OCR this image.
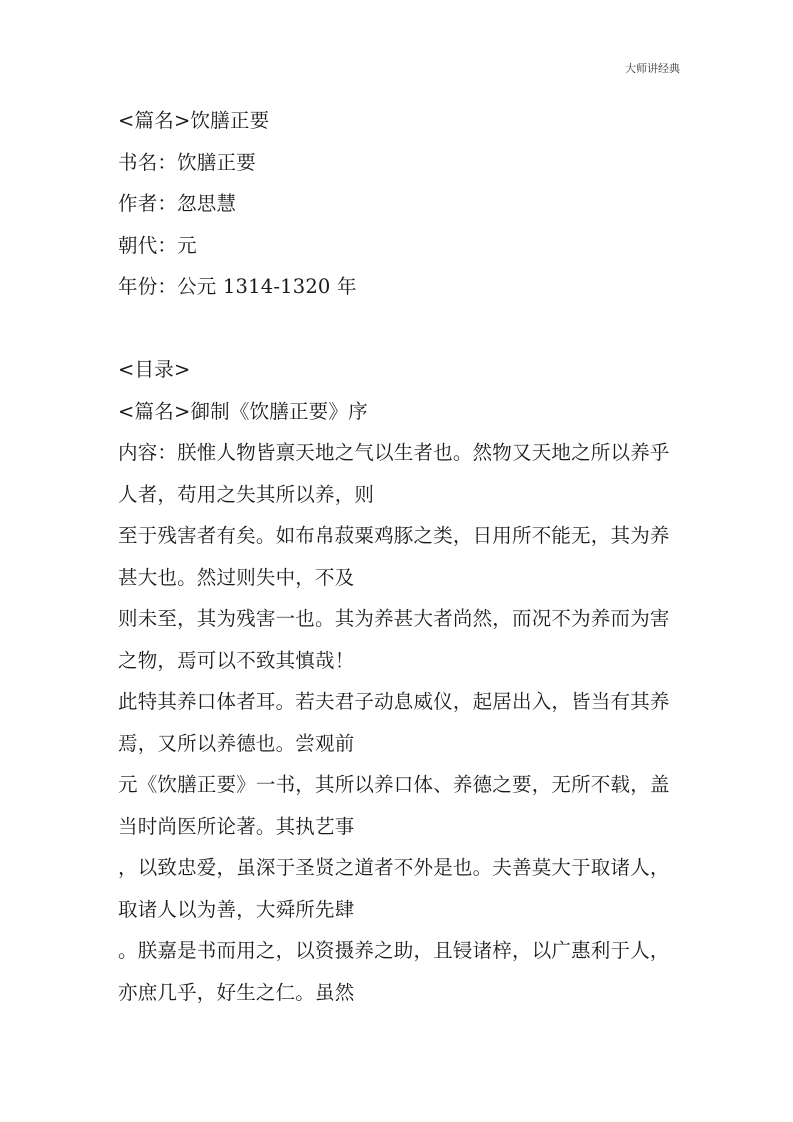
大师讲经典
<篇名>饮膳正要
书名：饮膳正要
作者：忽思慧
朝代：元
年份：公元 1314-1320 年
<目录>
<篇名>御制《饮膳正要》序
内容：朕惟人物皆禀天地之气以生者也。然物又天地之所以养乎
人者，苟用之失其所以养，则
至于残害者有矣。如布帛菽粟鸡豚之类，日用所不能无，其为养
甚大也。然过则失中，不及
则未至，其为残害一也。其为养甚大者尚然，而况不为养而为害
之物，焉可以不致其慎哉！
此特其养口体者耳。若夫君子动息威仪，起居出入，皆当有其养
焉，又所以养德也。尝观前
元《饮膳正要》一书，其所以养口体、养德之要，无所不载，盖
当时尚医所论著。其执艺事
，以致忠爱，虽深于圣贤之道者不外是也。夫善莫大于取诸人，
取诸人以为善，大舜所先肆
。朕嘉是书而用之，以资摄养之助，且锓诸梓，以广惠利于人，
亦庶几乎，好生之仁。虽然
